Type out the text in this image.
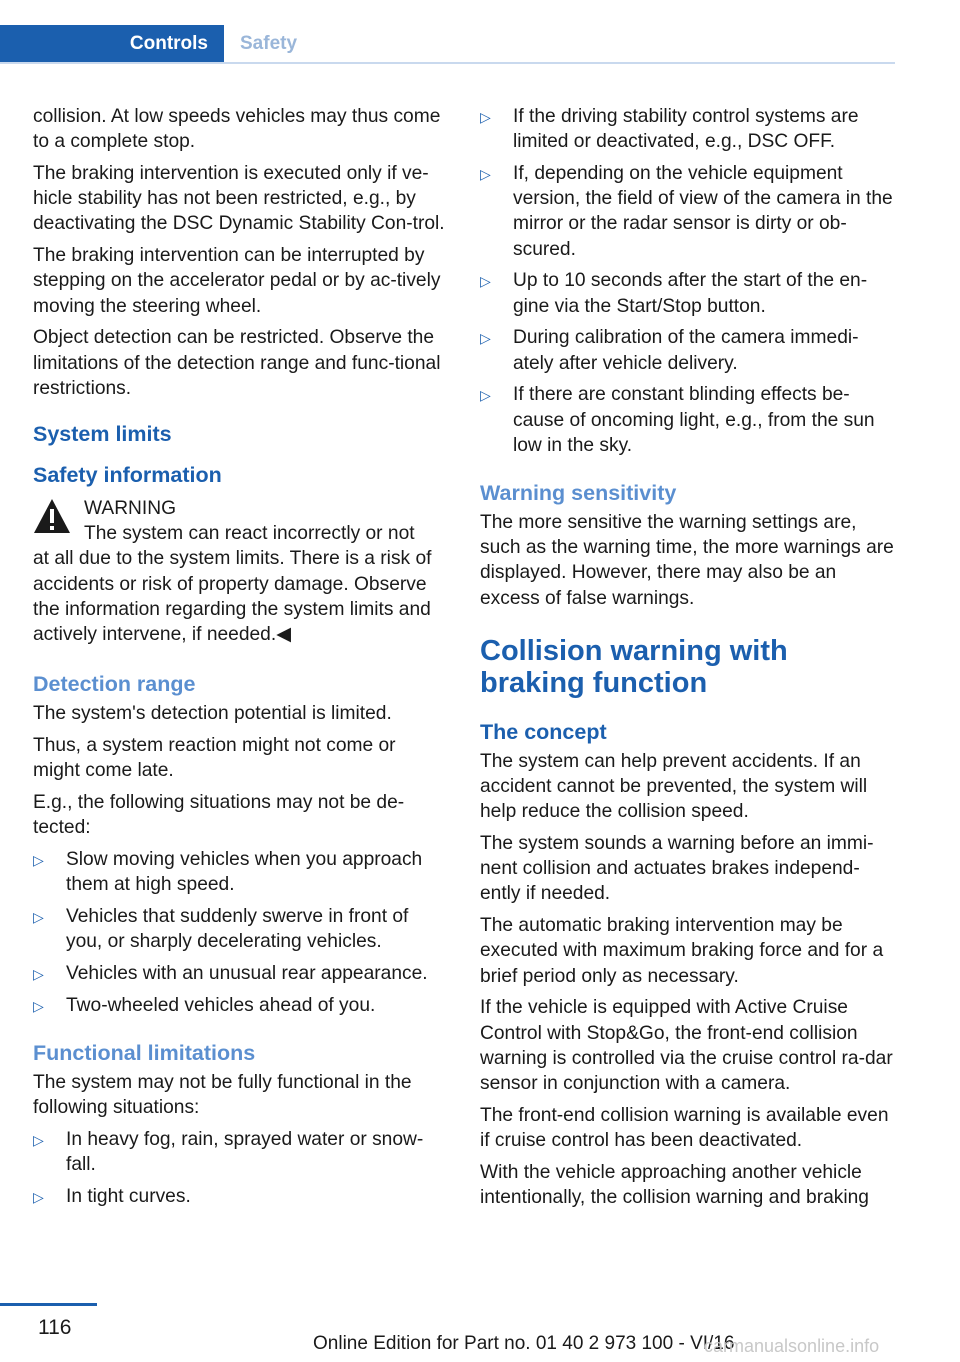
Controls Safety

collision. At low speeds vehicles may thus come to a complete stop.

The braking intervention is executed only if ve‐hicle stability has not been restricted, e.g., by deactivating the DSC Dynamic Stability Con‐trol.

The braking intervention can be interrupted by stepping on the accelerator pedal or by ac‐tively moving the steering wheel.

Object detection can be restricted. Observe the limitations of the detection range and func‐tional restrictions.

System limits
Safety information
WARNING
The system can react incorrectly or not

at all due to the system limits. There is a risk of accidents or risk of property damage. Observe the information regarding the system limits and actively intervene, if needed.◀

Detection range

The system's detection potential is limited.

Thus, a system reaction might not come or might come late.

E.g., the following situations may not be de‐tected:

▷ Slow moving vehicles when you approach them at high speed.
▷ Vehicles that suddenly swerve in front of you, or sharply decelerating vehicles.
▷ Vehicles with an unusual rear appearance.
▷ Two-wheeled vehicles ahead of you.
Functional limitations

The system may not be fully functional in the following situations:

▷ In heavy fog, rain, sprayed water or snow‐fall.
▷ In tight curves.
▷ If the driving stability control systems are limited or deactivated, e.g., DSC OFF.
▷ If, depending on the vehicle equipment version, the field of view of the camera in the mirror or the radar sensor is dirty or ob‐scured.
▷ Up to 10 seconds after the start of the en‐gine via the Start/Stop button.
▷ During calibration of the camera immedi‐ately after vehicle delivery.
▷ If there are constant blinding effects be‐cause of oncoming light, e.g., from the sun low in the sky.
Warning sensitivity

The more sensitive the warning settings are, such as the warning time, the more warnings are displayed. However, there may also be an excess of false warnings.

Collision warning with braking function
The concept

The system can help prevent accidents. If an accident cannot be prevented, the system will help reduce the collision speed.

The system sounds a warning before an immi‐nent collision and actuates brakes independ‐ently if needed.

The automatic braking intervention may be executed with maximum braking force and for a brief period only as necessary.

If the vehicle is equipped with Active Cruise Control with Stop&Go, the front-end collision warning is controlled via the cruise control ra‐dar sensor in conjunction with a camera.

The front-end collision warning is available even if cruise control has been deactivated.

With the vehicle approaching another vehicle intentionally, the collision warning and braking

116
Online Edition for Part no. 01 40 2 973 100 - VI/16
carmanualsonline.info
